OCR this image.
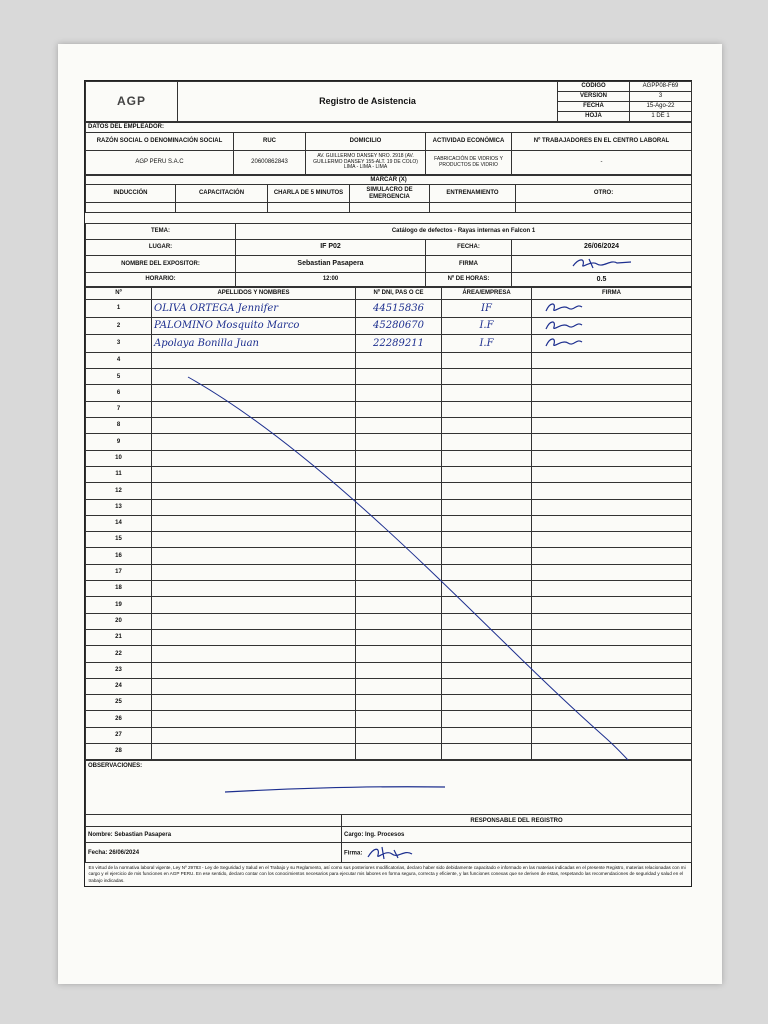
AGP	Registro de Asistencia	CODIGO	AGPP08-F69
		VERSION	3
		FECHA	15-Ago-22
		HOJA	1 DE 1
DATOS DEL EMPLEADOR:				
RAZÓN SOCIAL O DENOMINACIÓN SOCIAL	RUC	DOMICILIO	ACTIVIDAD ECONÓMICA	Nº TRABAJADORES EN EL CENTRO LABORAL
AGP PERU S.A.C	20600862843	AV. GUILLERMO DANSEY NRO. 2918 (AV. GUILLERMO DANSEY 155-ALT. 19 DE COLO) LIMA - LIMA - LIMA	FABRICACIÓN DE VIDRIOS Y PRODUCTOS DE VIDRIO	-
MARCAR (X)					
INDUCCIÓN	CAPACITACIÓN	CHARLA DE 5 MINUTOS	SIMULACRO DE EMERGENCIA	ENTRENAMIENTO	OTRO:

TEMA:	Catálogo de defectos - Rayas internas en Falcon 1		
LUGAR:	IF P02	FECHA:	26/06/2024
NOMBRE DEL EXPOSITOR:	Sebastian Pasapera	FIRMA	
HORARIO:	12:00	Nº DE HORAS:	0.5
Nº	APELLIDOS Y NOMBRES	Nº DNI, PAS O CE	ÁREA/EMPRESA	FIRMA
1	OLIVA ORTEGA Jennifer	44515836	IF	
2	PALOMINO Mosquito Marco	45280670	I.F	
3	Apolaya Bonilla Juan	22289211	I.F	
4				
5				
6				
7				
8				
9				
10				
11				
12				
13				
14				
15				
16				
17				
18				
19				
20				
21				
22				
23				
24				
25				
26				
27				
28				
OBSERVACIONES:	
	RESPONSABLE DEL REGISTRO
Nombre: Sebastian Pasapera	Cargo: Ing. Procesos
Fecha: 26/06/2024	Firma:
En virtud de la normativa laboral vigente, Ley Nº 29783 - Ley de Seguridad y Salud en el Trabajo y su Reglamento, así como sus posteriores modificatorias, declaro haber sido debidamente capacitado e informado en las materias indicadas en el presente Registro, materias relacionadas con mi cargo y el ejercicio de mis funciones en AGP PERU. En ese sentido, declaro contar con los conocimientos necesarios para ejecutar mis labores en forma segura, correcta y eficiente, y las funciones conexas que se deriven de estas, respetando las recomendaciones de seguridad y salud en el trabajo indicadas.	
